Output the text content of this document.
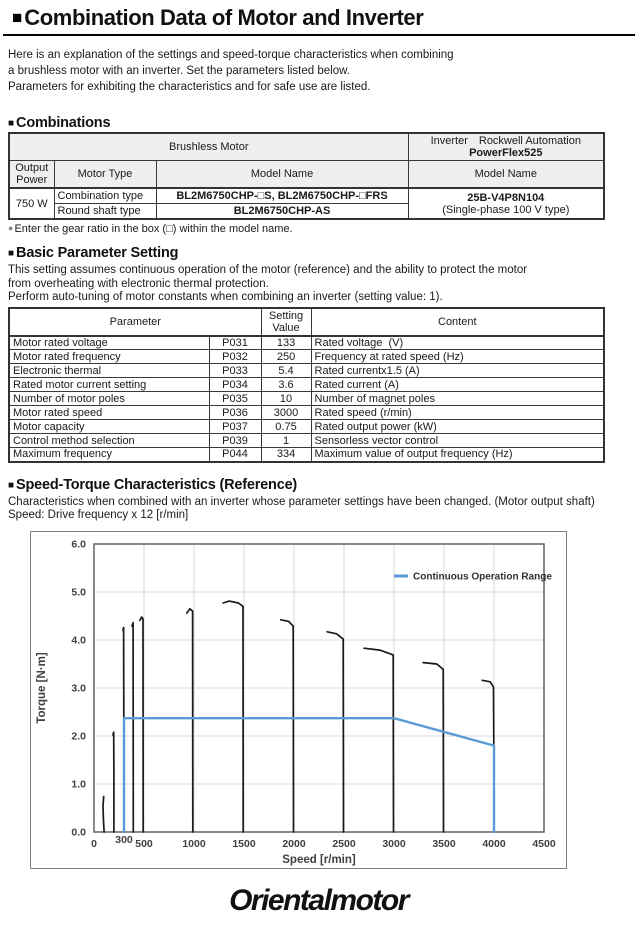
■Combination Data of Motor and Inverter
Here is an explanation of the settings and speed-torque characteristics when combining
a brushless motor with an inverter. Set the parameters listed below.
Parameters for exhibiting the characteristics and for safe use are listed.
■ Combinations
Brushless Motor			Inverter  Rockwell Automation
PowerFlex525

Output Power	Motor Type	Model Name	Model Name
750 W	Combination type	BL2M6750CHP-□S, BL2M6750CHP-□FRS	25B-V4P8N104
(Single-phase 100 V type)

	Round shaft type	BL2M6750CHP-AS	
●Enter the gear ratio in the box (□) within the model name.
■ Basic Parameter Setting
This setting assumes continuous operation of the motor (reference) and the ability to protect the motor
from overheating with electronic thermal protection.
Perform auto-tuning of motor constants when combining an inverter (setting value: 1).
Parameter		Setting Value	Content
Motor rated voltage	P031	133	Rated voltage  (V)
Motor rated frequency	P032	250	Frequency at rated speed (Hz)
Electronic thermal	P033	5.4	Rated currentx1.5 (A)
Rated motor current setting	P034	3.6	Rated current (A)
Number of motor poles	P035	10	Number of magnet poles
Motor rated speed	P036	3000	Rated speed (r/min)
Motor capacity	P037	0.75	Rated output power (kW)
Control method selection	P039	1	Sensorless vector control
Maximum frequency	P044	334	Maximum value of output frequency (Hz)
■ Speed-Torque Characteristics (Reference)
Characteristics when combined with an inverter whose parameter settings have been changed. (Motor output shaft)
Speed: Drive frequency x 12 [r/min]
0 300 500	1000	1500	2000	2500	3000	3500	4000	4500
0.0
1.0
2.0
3.0
4.0
5.0
6.0
Speed [r/min]
Torque [N·m]
Continuous Operation Range
Orientalmotor
